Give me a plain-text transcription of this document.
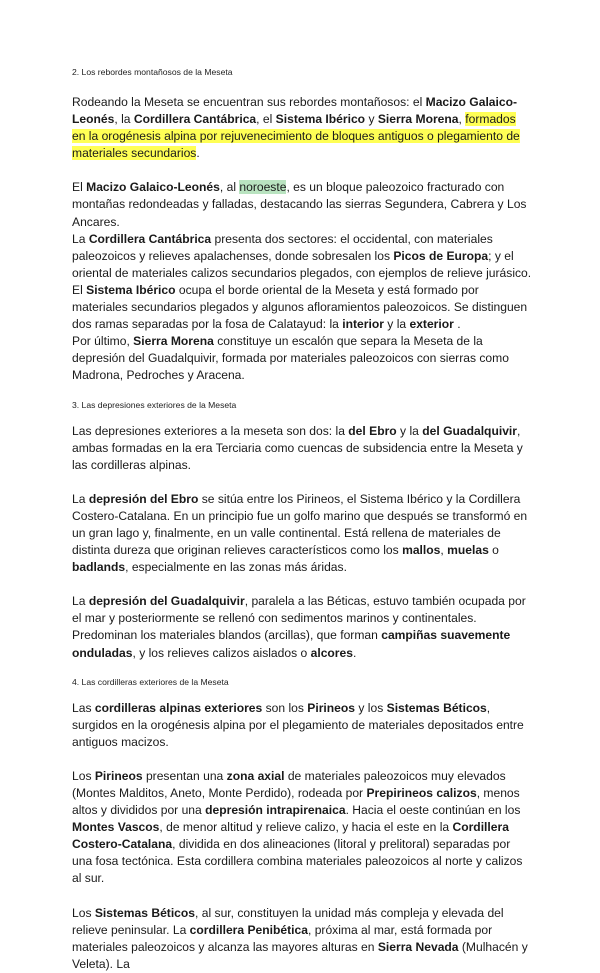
2. Los rebordes montañosos de la Meseta

Rodeando la Meseta se encuentran sus rebordes montañosos: el Macizo Galaico-Leonés, la Cordillera Cantábrica, el Sistema Ibérico y Sierra Morena, formados en la orogénesis alpina por rejuvenecimiento de bloques antiguos o plegamiento de materiales secundarios.

El Macizo Galaico-Leonés, al noroeste, es un bloque paleozoico fracturado con montañas redondeadas y falladas, destacando las sierras Segundera, Cabrera y Los Ancares.

La Cordillera Cantábrica presenta dos sectores: el occidental, con materiales paleozoicos y relieves apalachenses, donde sobresalen los Picos de Europa; y el oriental de materiales calizos secundarios plegados, con ejemplos de relieve jurásico.

El Sistema Ibérico ocupa el borde oriental de la Meseta y está formado por materiales secundarios plegados y algunos afloramientos paleozoicos. Se distinguen dos ramas separadas por la fosa de Calatayud: la interior y la exterior .

Por último, Sierra Morena constituye un escalón que separa la Meseta de la depresión del Guadalquivir, formada por materiales paleozoicos con sierras como Madrona, Pedroches y Aracena.

3. Las depresiones exteriores de la Meseta

Las depresiones exteriores a la meseta son dos: la del Ebro y la del Guadalquivir, ambas formadas en la era Terciaria como cuencas de subsidencia entre la Meseta y las cordilleras alpinas.

La depresión del Ebro se sitúa entre los Pirineos, el Sistema Ibérico y la Cordillera Costero-Catalana. En un principio fue un golfo marino que después se transformó en un gran lago y, finalmente, en un valle continental. Está rellena de materiales de distinta dureza que originan relieves característicos como los mallos, muelas o badlands, especialmente en las zonas más áridas.

La depresión del Guadalquivir, paralela a las Béticas, estuvo también ocupada por el mar y posteriormente se rellenó con sedimentos marinos y continentales. Predominan los materiales blandos (arcillas), que forman campiñas suavemente onduladas, y los relieves calizos aislados o alcores.

4. Las cordilleras exteriores de la Meseta

Las cordilleras alpinas exteriores son los Pirineos y los Sistemas Béticos, surgidos en la orogénesis alpina por el plegamiento de materiales depositados entre antiguos macizos.

Los Pirineos presentan una zona axial de materiales paleozoicos muy elevados (Montes Malditos, Aneto, Monte Perdido), rodeada por Prepirineos calizos, menos altos y divididos por una depresión intrapirenaica. Hacia el oeste continúan en los Montes Vascos, de menor altitud y relieve calizo, y hacia el este en la Cordillera Costero-Catalana, dividida en dos alineaciones (litoral y prelitoral) separadas por una fosa tectónica. Esta cordillera combina materiales paleozoicos al norte y calizos al sur.

Los Sistemas Béticos, al sur, constituyen la unidad más compleja y elevada del relieve peninsular. La cordillera Penibética, próxima al mar, está formada por materiales paleozoicos y alcanza las mayores alturas en Sierra Nevada (Mulhacén y Veleta). La
